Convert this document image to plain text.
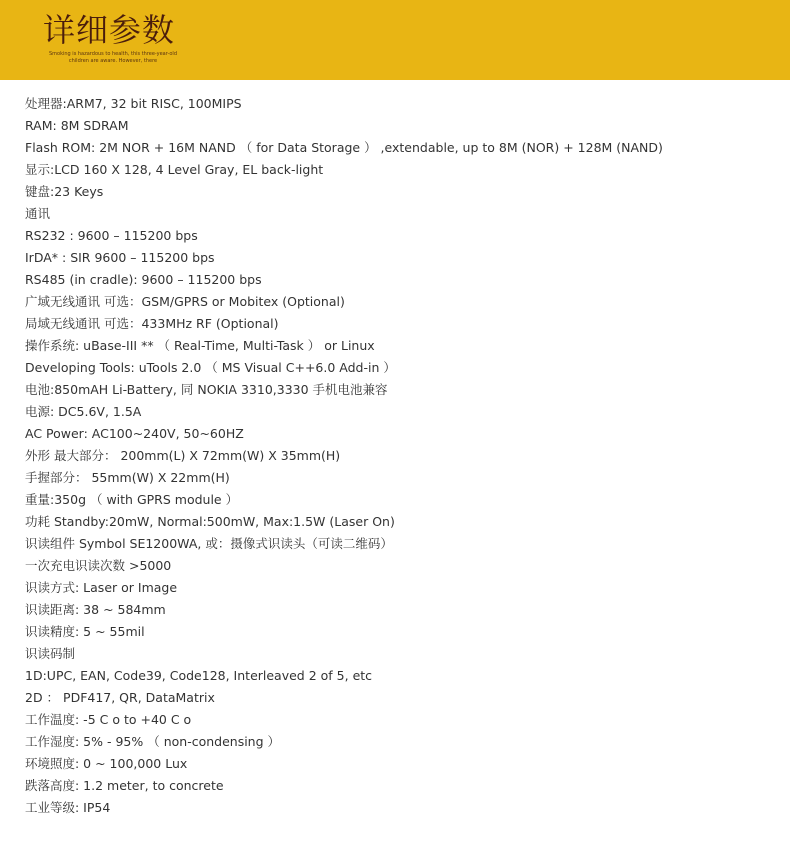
详细参数
Smoking is hazardous to health, this three-year-old children are aware. However, there
处理器:ARM7, 32 bit RISC, 100MIPS
RAM: 8M SDRAM
Flash ROM: 2M NOR + 16M NAND （ for Data Storage ） ,extendable, up to 8M (NOR) + 128M (NAND)
显示:LCD 160 X 128, 4 Level Gray, EL back-light
键盘:23 Keys
通讯
RS232 : 9600 – 115200 bps
IrDA* : SIR 9600 – 115200 bps
RS485 (in cradle): 9600 – 115200 bps
广域无线通讯 可选：GSM/GPRS or Mobitex (Optional)
局域无线通讯 可选：433MHz RF (Optional)
操作系统: uBase-III ** （ Real-Time, Multi-Task ） or Linux
Developing Tools: uTools 2.0 （ MS Visual C++6.0 Add-in ）
电池:850mAH Li-Battery, 同 NOKIA 3310,3330 手机电池兼容
电源: DC5.6V, 1.5A
AC Power: AC100~240V, 50~60HZ
外形 最大部分： 200mm(L) X 72mm(W) X 35mm(H)
手握部分： 55mm(W) X 22mm(H)
重量:350g （ with GPRS module ）
功耗 Standby:20mW, Normal:500mW, Max:1.5W (Laser On)
识读组件 Symbol SE1200WA, 或：摄像式识读头（可读二维码）
一次充电识读次数 >5000
识读方式: Laser or Image
识读距离: 38 ~ 584mm
识读精度: 5 ~ 55mil
识读码制
1D:UPC, EAN, Code39, Code128, Interleaved 2 of 5, etc
2D ： PDF417, QR, DataMatrix
工作温度: -5 C o to +40 C o
工作湿度: 5% - 95% （ non-condensing ）
环境照度: 0 ~ 100,000 Lux
跌落高度: 1.2 meter, to concrete
工业等级: IP54
